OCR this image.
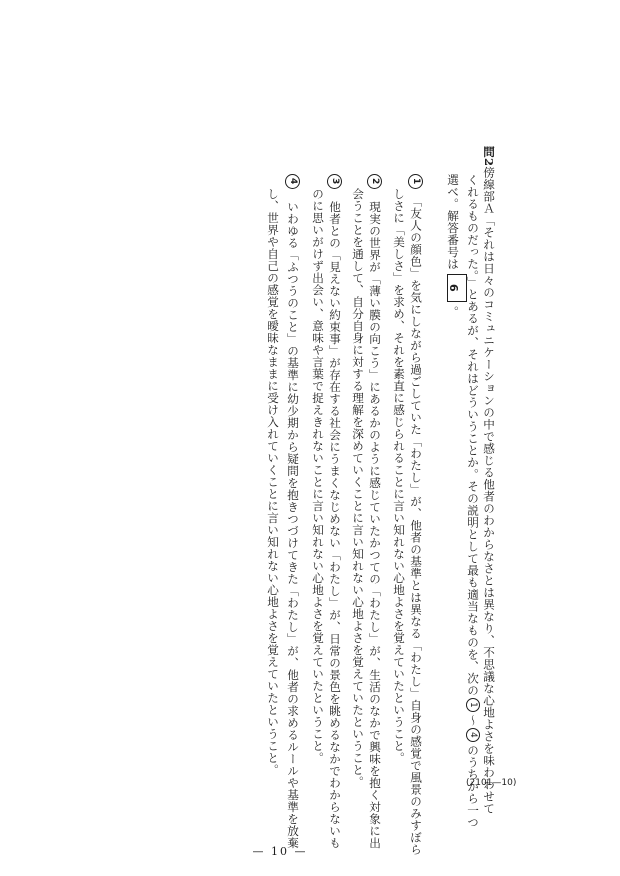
問2傍線部Ａ「それは日々のコミュニケーションの中で感じる他者のわからなさとは異なり、不思議な心地よさを味わわせて
くれるものだった。」とあるが、それはどういうことか。その説明として最も適当なものを、次の1〜4のうちから一つ
選べ。解答番号は6。
1　「友人の顔色」を気にしながら過ごしていた「わたし」が、他者の基準とは異なる「わたし」自身の感覚で風景のみすぼら
しさに「美しさ」を求め、それを素直に感じられることに言い知れない心地よさを覚えていたということ。
2　現実の世界が「薄い膜の向こう」にあるかのように感じていたかつての「わたし」が、生活のなかで興味を抱く対象に出
会うことを通して、自分自身に対する理解を深めていくことに言い知れない心地よさを覚えていたということ。
3　他者との「見えない約束事」が存在する社会にうまくなじめない「わたし」が、日常の景色を眺めるなかでわからないも
のに思いがけず出会い、意味や言葉で捉えきれないことに言い知れない心地よさを覚えていたということ。
4　いわゆる「ふつうのこと」の基準に幼少期から疑問を抱きつづけてきた「わたし」が、他者の求めるルールや基準を放棄
し、世界や自己の感覚を曖昧なままに受け入れていくことに言い知れない心地よさを覚えていたということ。
— 10 —
(2101—10)
